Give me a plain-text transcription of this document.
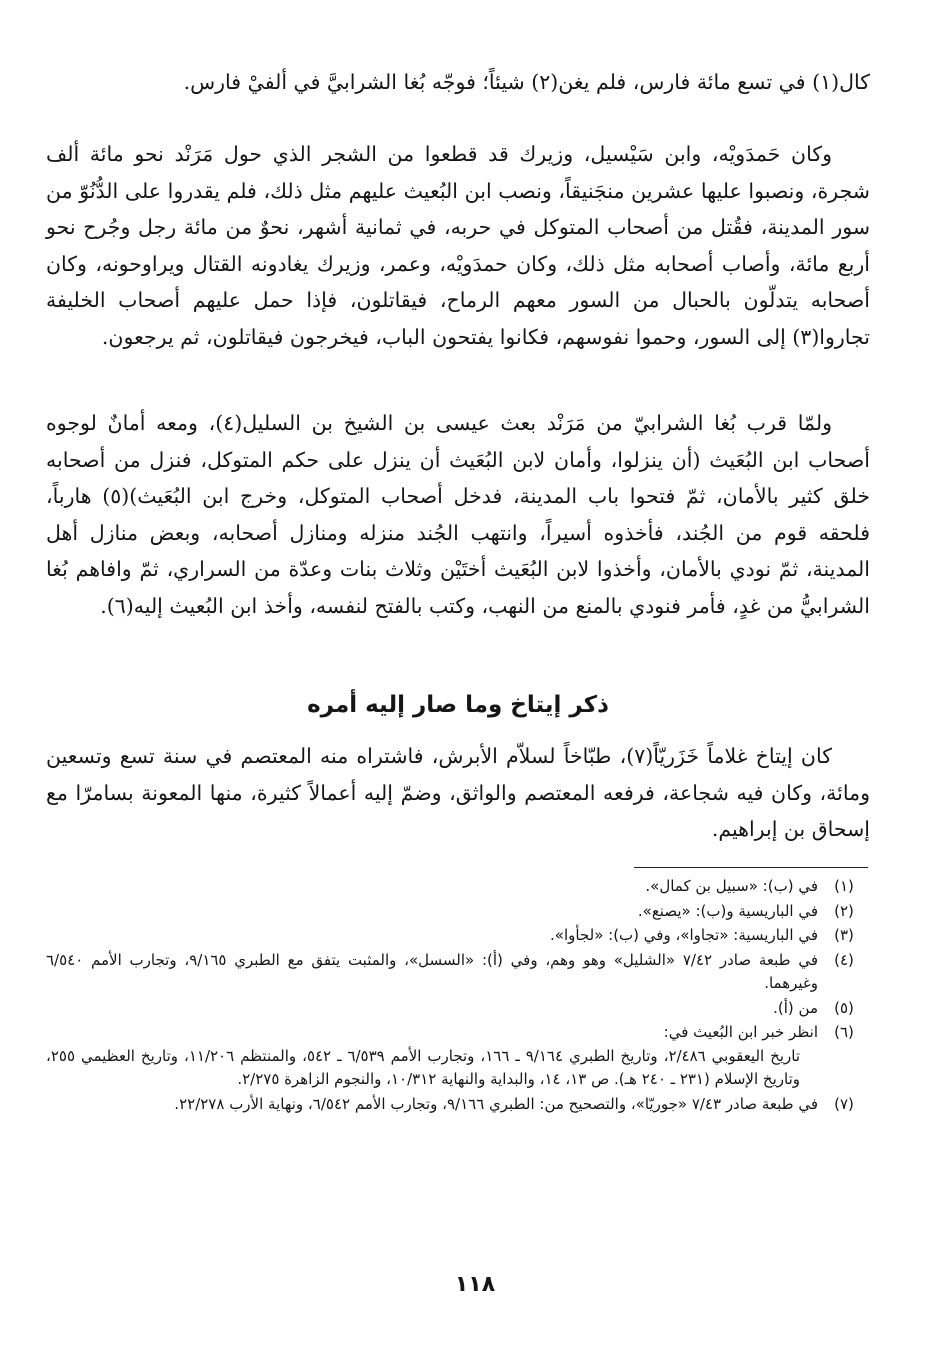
كال(١) في تسع مائة فارس، فلم يغن(٢) شيئاً؛ فوجّه بُغا الشرابيَّ في ألفيْ فارس.

وكان حَمدَويْه، وابن سَيْسيل، وزيرك قد قطعوا من الشجر الذي حول مَرَنْد نحو مائة ألف شجرة، ونصبوا عليها عشرين منجَنيقاً، ونصب ابن البُعيث عليهم مثل ذلك، فلم يقدروا على الدُّنُوّ من سور المدينة، فقُتل من أصحاب المتوكل في حربه، في ثمانية أشهر، نحوٌ من مائة رجل وجُرح نحو أربع مائة، وأصاب أصحابه مثل ذلك، وكان حمدَويْه، وعمر، وزيرك يغادونه القتال ويراوحونه، وكان أصحابه يتدلّون بالحبال من السور معهم الرماح، فيقاتلون، فإذا حمل عليهم أصحاب الخليفة تجاروا(٣) إلى السور، وحموا نفوسهم، فكانوا يفتحون الباب، فيخرجون فيقاتلون، ثم يرجعون.

ولمّا قرب بُغا الشرابيّ من مَرَنْد بعث عيسى بن الشيخ بن السليل(٤)، ومعه أمانٌ لوجوه أصحاب ابن البُعَيث (أن ينزلوا، وأمان لابن البُعَيث أن ينزل على حكم المتوكل، فنزل من أصحابه خلق كثير بالأمان، ثمّ فتحوا باب المدينة، فدخل أصحاب المتوكل، وخرج ابن البُعَيث)(٥) هارباً، فلحقه قوم من الجُند، فأخذوه أسيراً، وانتهب الجُند منزله ومنازل أصحابه، وبعض منازل أهل المدينة، ثمّ نودي بالأمان، وأخذوا لابن البُعَيث أختَيْن وثلاث بنات وعدّة من السراري، ثمّ وافاهم بُغا الشرابيُّ من غدٍ، فأمر فنودي بالمنع من النهب، وكتب بالفتح لنفسه، وأخذ ابن البُعيث إليه(٦).

ذكر إيتاخ وما صار إليه أمره

كان إيتاخ غلاماً خَزَريّاً(٧)، طبّاخاً لسلاّم الأبرش، فاشتراه منه المعتصم في سنة تسع وتسعين ومائة، وكان فيه شجاعة، فرفعه المعتصم والواثق، وضمّ إليه أعمالاً كثيرة، منها المعونة بسامرّا مع إسحاق بن إبراهيم.

(١)
في (ب): «سبيل بن كمال».
(٢)
في الباريسية و(ب): «يصنع».
(٣)
في الباريسية: «تجاوا»، وفي (ب): «لجأوا».
(٤)
في طبعة صادر ٧/٤٢ «الشليل» وهو وهم، وفي (أ): «السسل»، والمثبت يتفق مع الطبري ٩/١٦٥، وتجارب الأمم ٦/٥٤٠ وغيرهما.
(٥)
من (أ).
(٦)
انظر خبر ابن البُعيث في:
تاريخ اليعقوبي ٢/٤٨٦، وتاريخ الطبري ٩/١٦٤ ـ ١٦٦، وتجارب الأمم ٦/٥٣٩ ـ ٥٤٢، والمنتظم ١١/٢٠٦، وتاريخ العظيمي ٢٥٥، وتاريخ الإسلام (٢٣١ ـ ٢٤٠ هـ). ص ١٣، ١٤، والبداية والنهاية ١٠/٣١٢، والنجوم الزاهرة ٢/٢٧٥.
(٧)
في طبعة صادر ٧/٤٣ «جوريّا»، والتصحيح من: الطبري ٩/١٦٦، وتجارب الأمم ٦/٥٤٢، ونهاية الأرب ٢٢/٢٧٨.
١١٨
